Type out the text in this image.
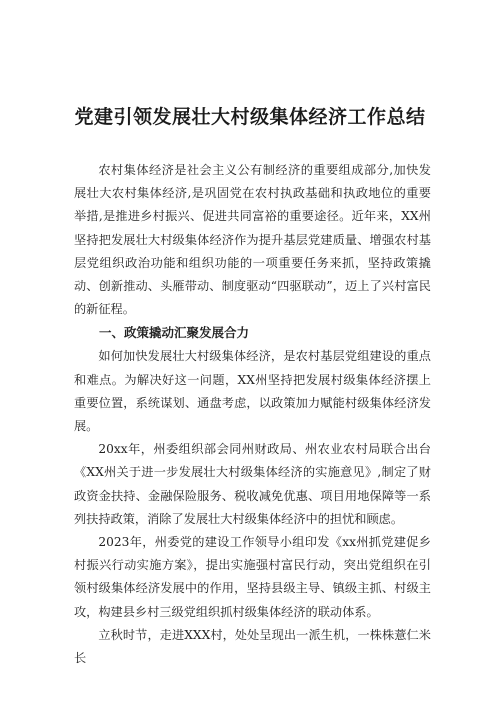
党建引领发展壮大村级集体经济工作总结

农村集体经济是社会主义公有制经济的重要组成部分,加快发展壮大农村集体经济,是巩固党在农村执政基础和执政地位的重要举措,是推进乡村振兴、促进共同富裕的重要途径。近年来，XX州坚持把发展壮大村级集体经济作为提升基层党建质量、增强农村基层党组织政治功能和组织功能的一项重要任务来抓，坚持政策撬动、创新推动、头雁带动、制度驱动“四驱联动”，迈上了兴村富民的新征程。

一、政策撬动汇聚发展合力

如何加快发展壮大村级集体经济，是农村基层党组建设的重点和难点。为解决好这一问题，XX州坚持把发展村级集体经济摆上重要位置，系统谋划、通盘考虑，以政策加力赋能村级集体经济发展。

20xx年，州委组织部会同州财政局、州农业农村局联合出台《XX州关于进一步发展壮大村级集体经济的实施意见》,制定了财政资金扶持、金融保险服务、税收减免优惠、项目用地保障等一系列扶持政策，消除了发展壮大村级集体经济中的担忧和顾虑。

2023年，州委党的建设工作领导小组印发《xx州抓党建促乡村振兴行动实施方案》，提出实施强村富民行动，突出党组织在引领村级集体经济发展中的作用，坚持县级主导、镇级主抓、村级主攻，构建县乡村三级党组织抓村级集体经济的联动体系。

立秋时节，走进XXX村，处处呈现出一派生机，一株株薏仁米长
